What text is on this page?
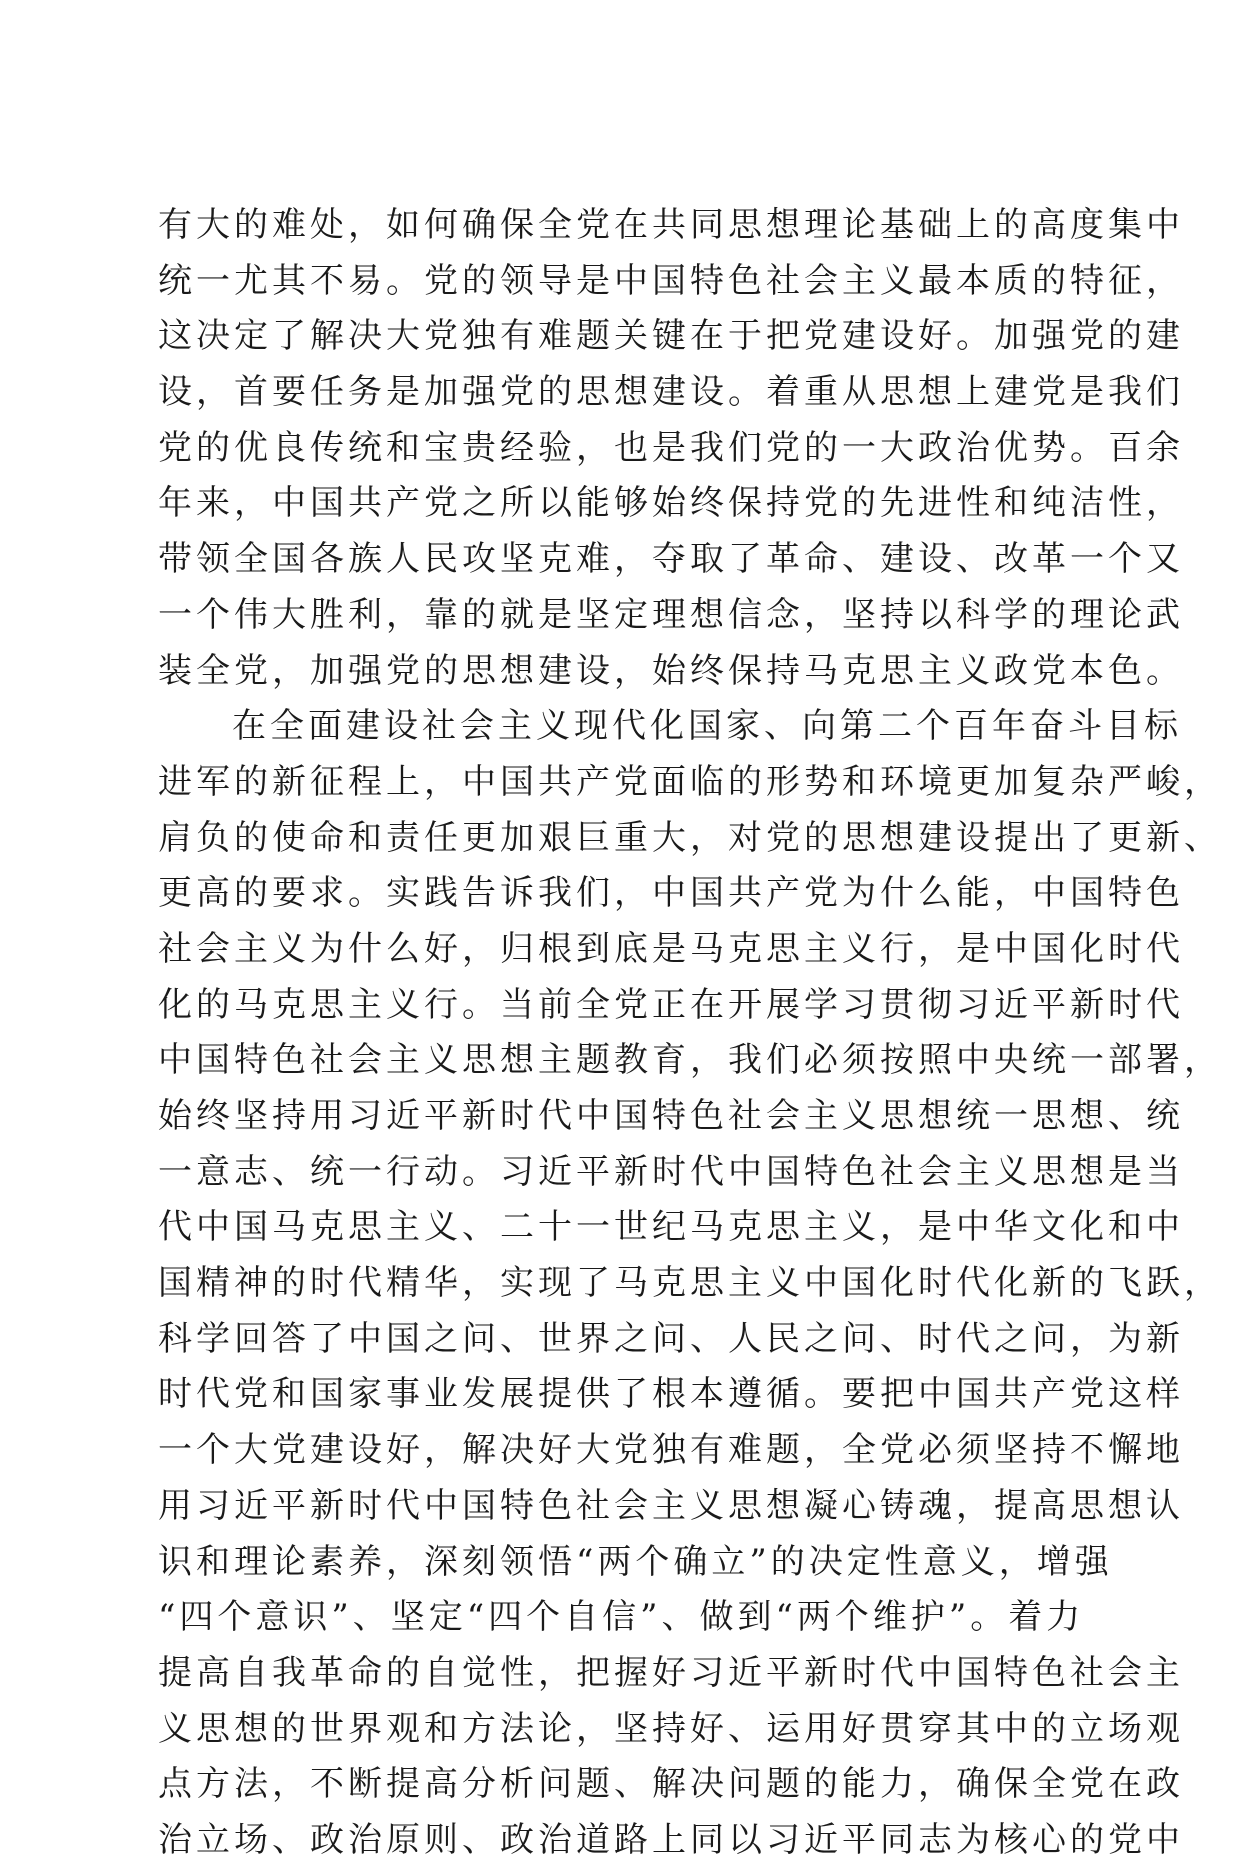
有大的难处，如何确保全党在共同思想理论基础上的高度集中
统一尤其不易。党的领导是中国特色社会主义最本质的特征，
这决定了解决大党独有难题关键在于把党建设好。加强党的建
设，首要任务是加强党的思想建设。着重从思想上建党是我们
党的优良传统和宝贵经验，也是我们党的一大政治优势。百余
年来，中国共产党之所以能够始终保持党的先进性和纯洁性，
带领全国各族人民攻坚克难，夺取了革命、建设、改革一个又
一个伟大胜利，靠的就是坚定理想信念，坚持以科学的理论武
装全党，加强党的思想建设，始终保持马克思主义政党本色。
在全面建设社会主义现代化国家、向第二个百年奋斗目标
进军的新征程上，中国共产党面临的形势和环境更加复杂严峻，
肩负的使命和责任更加艰巨重大，对党的思想建设提出了更新、
更高的要求。实践告诉我们，中国共产党为什么能，中国特色
社会主义为什么好，归根到底是马克思主义行，是中国化时代
化的马克思主义行。当前全党正在开展学习贯彻习近平新时代
中国特色社会主义思想主题教育，我们必须按照中央统一部署，
始终坚持用习近平新时代中国特色社会主义思想统一思想、统
一意志、统一行动。习近平新时代中国特色社会主义思想是当
代中国马克思主义、二十一世纪马克思主义，是中华文化和中
国精神的时代精华，实现了马克思主义中国化时代化新的飞跃，
科学回答了中国之问、世界之问、人民之问、时代之问，为新
时代党和国家事业发展提供了根本遵循。要把中国共产党这样
一个大党建设好，解决好大党独有难题，全党必须坚持不懈地
用习近平新时代中国特色社会主义思想凝心铸魂，提高思想认
识和理论素养，深刻领悟“两个确立”的决定性意义，增强
“四个意识”、坚定“四个自信”、做到“两个维护”。着力
提高自我革命的自觉性，把握好习近平新时代中国特色社会主
义思想的世界观和方法论，坚持好、运用好贯穿其中的立场观
点方法，不断提高分析问题、解决问题的能力，确保全党在政
治立场、政治原则、政治道路上同以习近平同志为核心的党中
